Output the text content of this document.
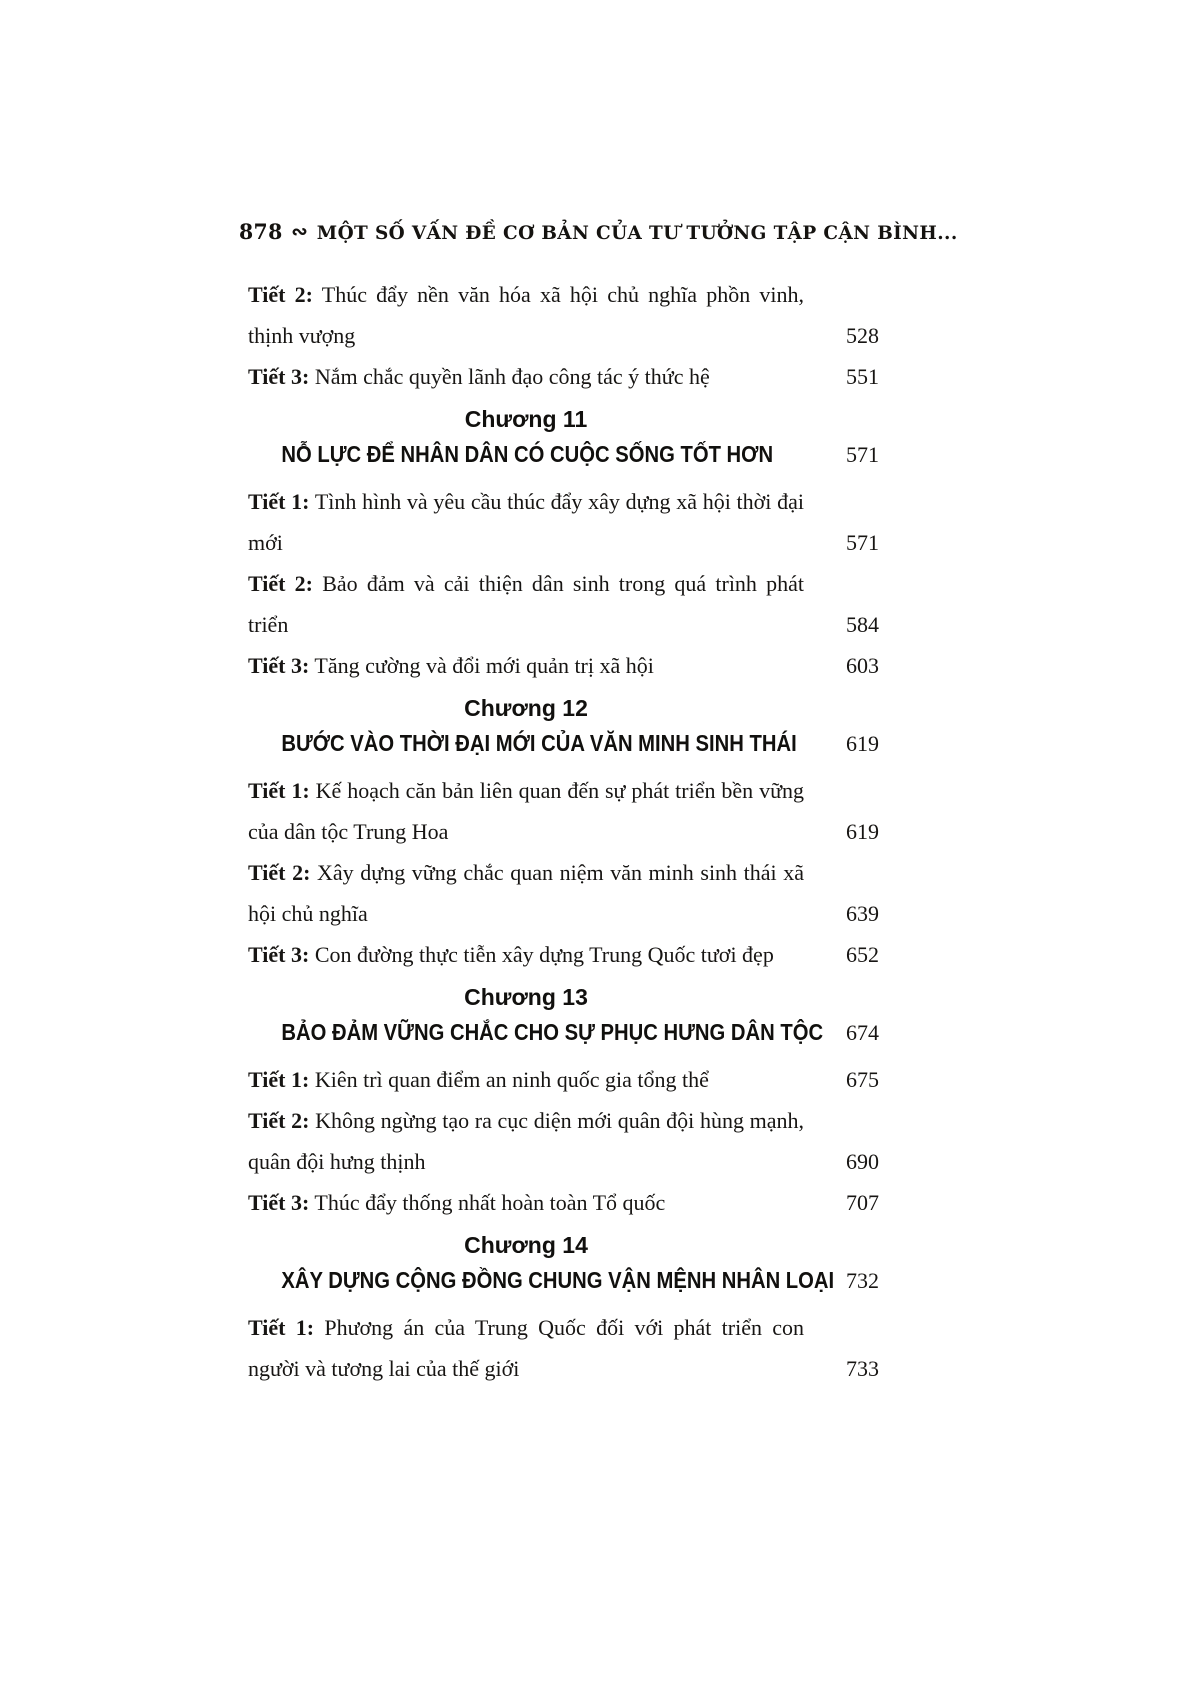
878 ∾ MỘT SỐ VẤN ĐỀ CƠ BẢN CỦA TƯ TƯỞNG TẬP CẬN BÌNH...

Tiết 2: Thúc đẩy nền văn hóa xã hội chủ nghĩa phồn vinh, thịnh vượng	528

Tiết 3: Nắm chắc quyền lãnh đạo công tác ý thức hệ	551
Chương 11
NỖ LỰC ĐỂ NHÂN DÂN CÓ CUỘC SỐNG TỐT HƠN	571

Tiết 1: Tình hình và yêu cầu thúc đẩy xây dựng xã hội thời đại mới	571

Tiết 2: Bảo đảm và cải thiện dân sinh trong quá trình phát triển	584

Tiết 3: Tăng cường và đổi mới quản trị xã hội	603
Chương 12
BƯỚC VÀO THỜI ĐẠI MỚI CỦA VĂN MINH SINH THÁI 619

Tiết 1: Kế hoạch căn bản liên quan đến sự phát triển bền vững của dân tộc Trung Hoa	619

Tiết 2: Xây dựng vững chắc quan niệm văn minh sinh thái xã hội chủ nghĩa	639

Tiết 3: Con đường thực tiễn xây dựng Trung Quốc tươi đẹp	652
Chương 13
BẢO ĐẢM VỮNG CHẮC CHO SỰ PHỤC HƯNG DÂN TỘC 674

Tiết 1: Kiên trì quan điểm an ninh quốc gia tổng thể	675

Tiết 2: Không ngừng tạo ra cục diện mới quân đội hùng mạnh, quân đội hưng thịnh	690

Tiết 3: Thúc đẩy thống nhất hoàn toàn Tổ quốc	707
Chương 14
XÂY DỰNG CỘNG ĐỒNG CHUNG VẬN MỆNH NHÂN LOẠI 732

Tiết 1: Phương án của Trung Quốc đối với phát triển con người và tương lai của thế giới	733
